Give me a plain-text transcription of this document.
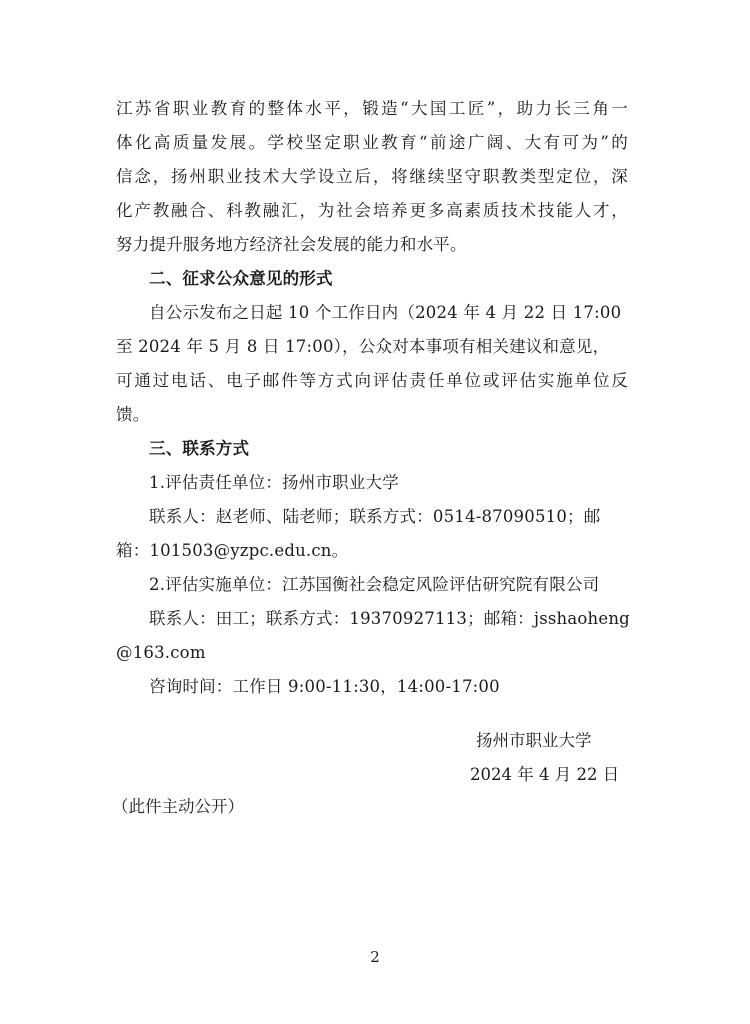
江苏省职业教育的整体水平，锻造“大国工匠”，助力长三角一
体化高质量发展。学校坚定职业教育“前途广阔、大有可为”的
信念，扬州职业技术大学设立后，将继续坚守职教类型定位，深
化产教融合、科教融汇，为社会培养更多高素质技术技能人才，
努力提升服务地方经济社会发展的能力和水平。
二、征求公众意见的形式
自公示发布之日起 10 个工作日内（2024 年 4 月 22 日 17:00
至 2024 年 5 月 8 日 17:00），公众对本事项有相关建议和意见，
可通过电话、电子邮件等方式向评估责任单位或评估实施单位反
馈。
三、联系方式
1.评估责任单位：扬州市职业大学
联系人：赵老师、陆老师；联系方式：0514-87090510；邮
箱：101503@yzpc.edu.cn。
2.评估实施单位：江苏国衡社会稳定风险评估研究院有限公司
联系人：田工；联系方式：19370927113；邮箱：jsshaoheng
@163.com
咨询时间：工作日 9:00-11:30，14:00-17:00
扬州市职业大学
2024 年 4 月 22 日
（此件主动公开）
2
